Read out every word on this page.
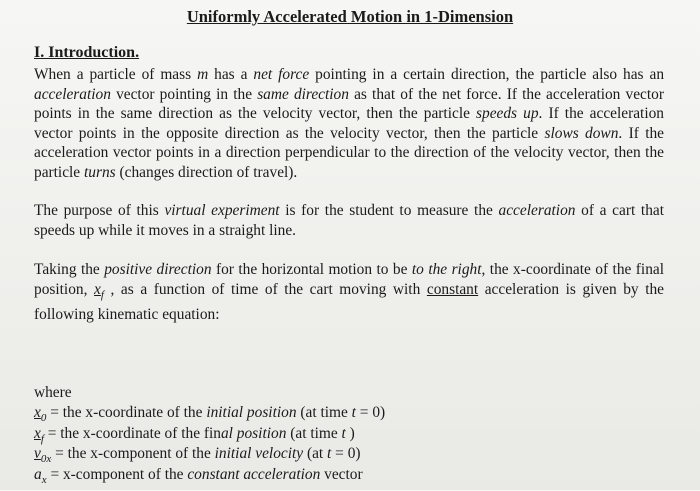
Uniformly Accelerated Motion in 1-Dimension
I. Introduction.
When a particle of mass m has a net force pointing in a certain direction, the particle also has an acceleration vector pointing in the same direction as that of the net force. If the acceleration vector points in the same direction as the velocity vector, then the particle speeds up. If the acceleration vector points in the opposite direction as the velocity vector, then the particle slows down. If the acceleration vector points in a direction perpendicular to the direction of the velocity vector, then the particle turns (changes direction of travel).
The purpose of this virtual experiment is for the student to measure the acceleration of a cart that speeds up while it moves in a straight line.
Taking the positive direction for the horizontal motion to be to the right, the x-coordinate of the final position, $x_f$ , as a function of time of the cart moving with constant acceleration is given by the following kinematic equation:
where
$x_0$ = the x-coordinate of the initial position (at time t = 0)
$x_f$ = the x-coordinate of the final position (at time t )
$v_{0x}$ = the x-component of the initial velocity (at t = 0)
$a_x$ = x-component of the constant acceleration vector
